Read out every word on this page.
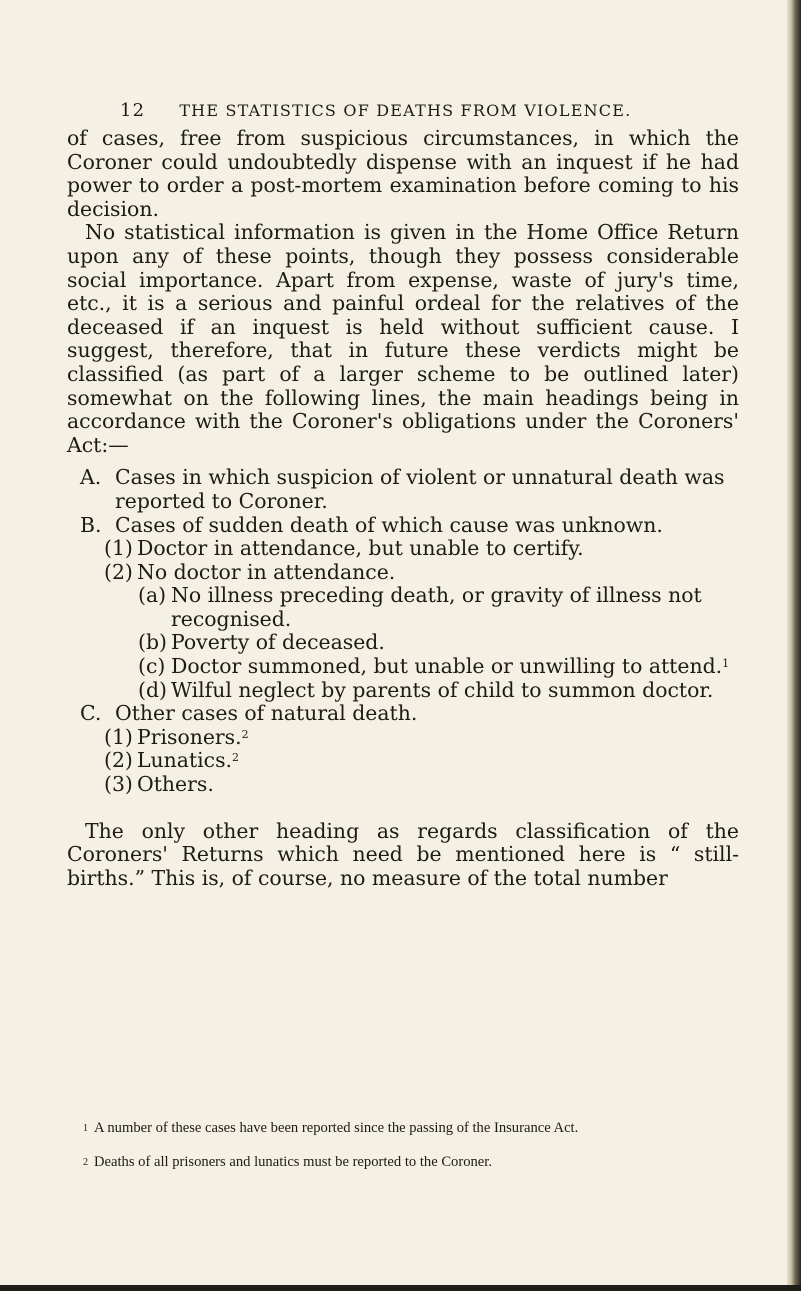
12 THE STATISTICS OF DEATHS FROM VIOLENCE.

of cases, free from suspicious circumstances, in which the Coroner could undoubtedly dispense with an inquest if he had power to order a post-mortem examination before coming to his decision.

No statistical information is given in the Home Office Return upon any of these points, though they possess considerable social importance. Apart from expense, waste of jury's time, etc., it is a serious and painful ordeal for the relatives of the deceased if an inquest is held without sufficient cause. I suggest, therefore, that in future these verdicts might be classified (as part of a larger scheme to be outlined later) somewhat on the following lines, the main headings being in accordance with the Coroner's obligations under the Coroners' Act:—

A. Cases in which suspicion of violent or unnatural death was reported to Coroner.
B. Cases of sudden death of which cause was unknown.
(1) Doctor in attendance, but unable to certify.
(2) No doctor in attendance.
(a) No illness preceding death, or gravity of illness not recognised.
(b) Poverty of deceased.
(c) Doctor summoned, but unable or unwilling to attend.$^1$
(d) Wilful neglect by parents of child to summon doctor.
C. Other cases of natural death.
(1) Prisoners.$^2$
(2) Lunatics.$^2$
(3) Others.

The only other heading as regards classification of the Coroners' Returns which need be mentioned here is “ still-births.” This is, of course, no measure of the total number

$^1$ A number of these cases have been reported since the passing of the Insurance Act.
$^2$ Deaths of all prisoners and lunatics must be reported to the Coroner.
